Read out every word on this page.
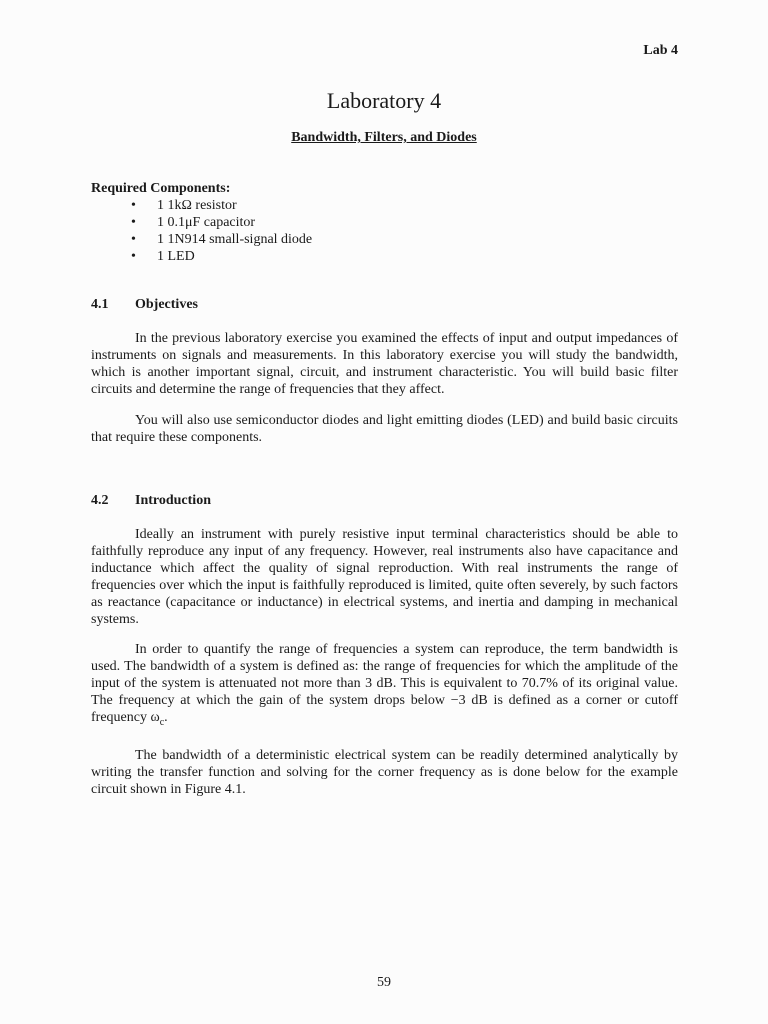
Lab 4
Laboratory 4
Bandwidth, Filters, and Diodes
Required Components:
• 1 1kΩ resistor
• 1 0.1μF capacitor
• 1 1N914 small-signal diode
• 1 LED
4.1 Objectives

In the previous laboratory exercise you examined the effects of input and output impedances of instruments on signals and measurements. In this laboratory exercise you will study the bandwidth, which is another important signal, circuit, and instrument characteristic. You will build basic filter circuits and determine the range of frequencies that they affect.

You will also use semiconductor diodes and light emitting diodes (LED) and build basic circuits that require these components.

4.2 Introduction

Ideally an instrument with purely resistive input terminal characteristics should be able to faithfully reproduce any input of any frequency. However, real instruments also have capacitance and inductance which affect the quality of signal reproduction. With real instruments the range of frequencies over which the input is faithfully reproduced is limited, quite often severely, by such factors as reactance (capacitance or inductance) in electrical systems, and inertia and damping in mechanical systems.

In order to quantify the range of frequencies a system can reproduce, the term bandwidth is used. The bandwidth of a system is defined as: the range of frequencies for which the amplitude of the input of the system is attenuated not more than 3 dB. This is equivalent to 70.7% of its original value. The frequency at which the gain of the system drops below −3 dB is defined as a corner or cutoff frequency $\omega_c$.

The bandwidth of a deterministic electrical system can be readily determined analytically by writing the transfer function and solving for the corner frequency as is done below for the example circuit shown in Figure 4.1.

59
